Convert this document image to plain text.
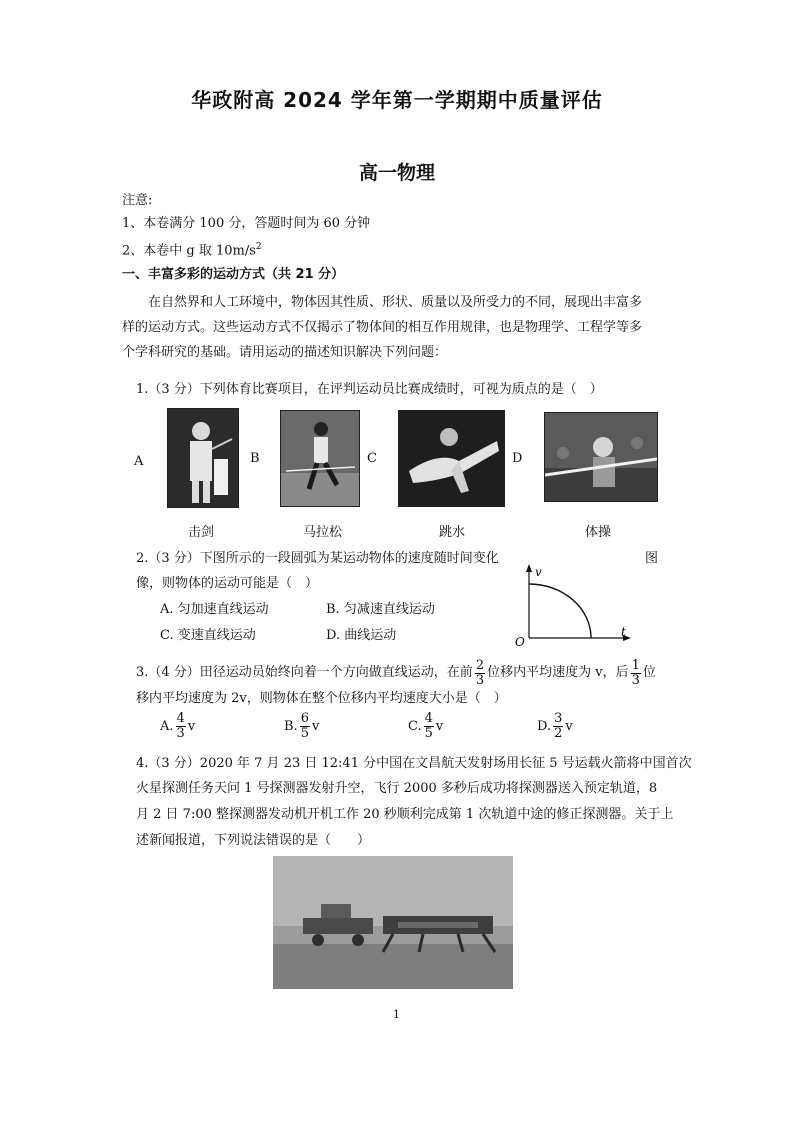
华政附高 2024 学年第一学期期中质量评估
高一物理
注意:
1、本卷满分 100 分，答题时间为 60 分钟
2、本卷中 g 取 $10m/s^2$
一、丰富多彩的运动方式（共 21 分）
在自然界和人工环境中，物体因其性质、形状、质量以及所受力的不同，展现出丰富多
样的运动方式。这些运动方式不仅揭示了物体间的相互作用规律，也是物理学、工程学等多
个学科研究的基础。请用运动的描述知识解决下列问题：
1.（3 分）下列体育比赛项目，在评判运动员比赛成绩时，可视为质点的是（　）
A	B	C	D
击剑	马拉松	跳水	体操
2.（3 分）下图所示的一段圆弧为某运动物体的速度随时间变化	图
像，则物体的运动可能是（　）
A. 匀加速直线运动	B. 匀减速直线运动
C. 变速直线运动	D. 曲线运动
v
t
O
3.（4 分）田径运动员始终向着一个方向做直线运动，在前 $\frac{2}{3}$ 位移内平均速度为 v，后 $\frac{1}{3}$ 位
移内平均速度为 2v，则物体在整个位移内平均速度大小是（　）
A. $\frac{4}{3}$ v	B. $\frac{6}{5}$ v	C. $\frac{4}{5}$ v	D. $\frac{3}{2}$ v
4.（3 分）2020 年 7 月 23 日 12:41 分中国在文昌航天发射场用长征 5 号运载火箭将中国首次
火星探测任务天问 1 号探测器发射升空，飞行 2000 多秒后成功将探测器送入预定轨道，8
月 2 日 7:00 整探测器发动机开机工作 20 秒顺利完成第 1 次轨道中途的修正探测器。关于上
述新闻报道，下列说法错误的是（　　）
1
